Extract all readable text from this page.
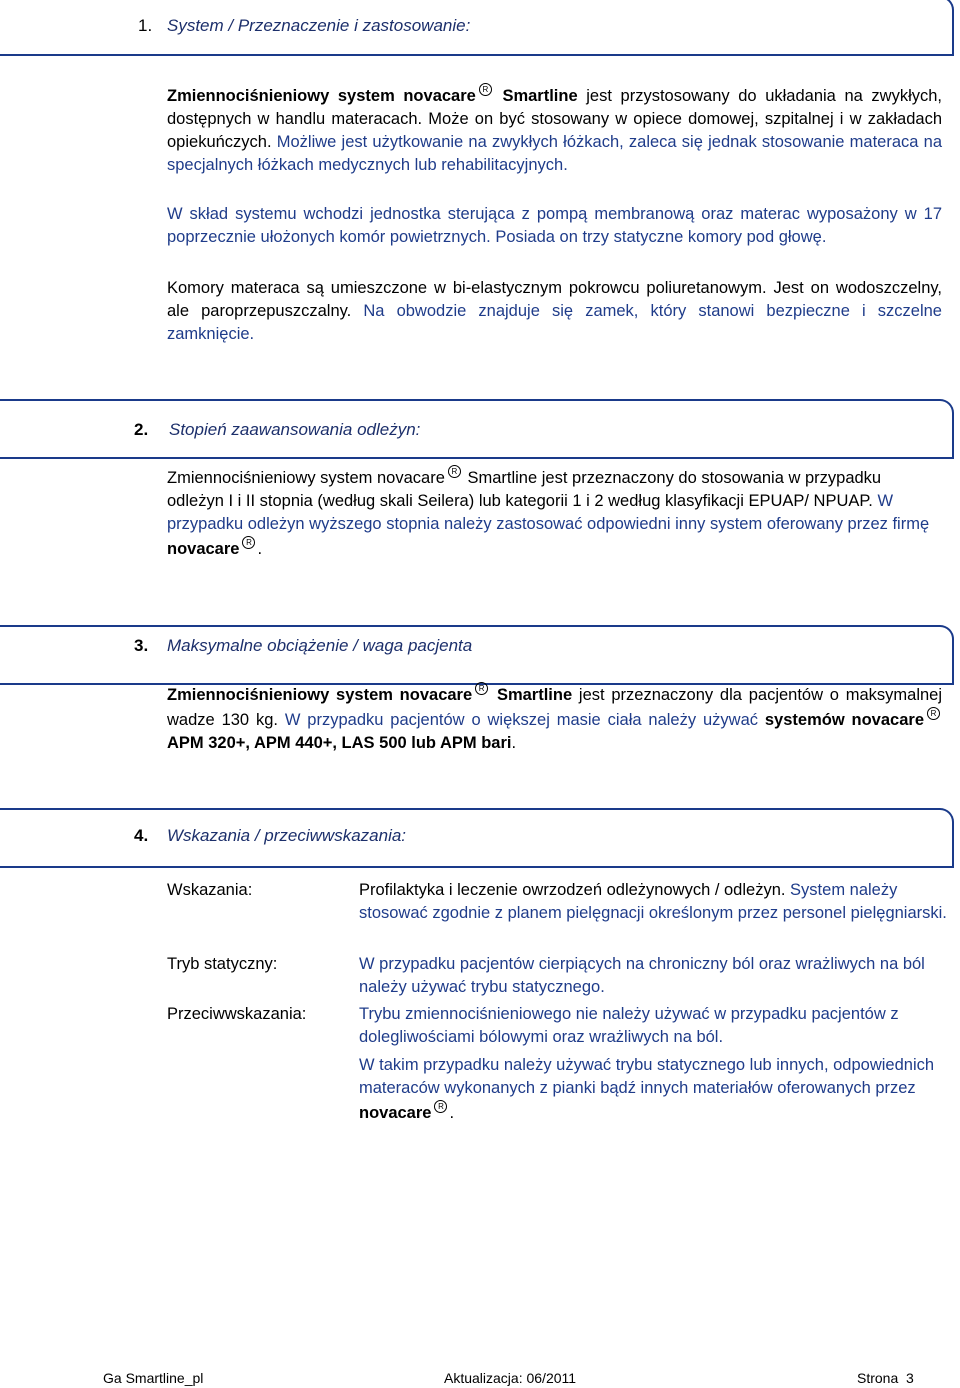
1. System / Przeznaczenie i zastosowanie:
Zmiennociśnieniowy system novacare R Smartline jest przystosowany do układania na zwykłych, dostępnych w handlu materacach. Może on być stosowany w opiece domowej, szpitalnej i w zakładach opiekuńczych. Możliwe jest użytkowanie na zwykłych łóżkach, zaleca się jednak stosowanie materaca na specjalnych łóżkach medycznych lub rehabilitacyjnych.
W skład systemu wchodzi jednostka sterująca z pompą membranową oraz materac wyposażony w 17 poprzecznie ułożonych komór powietrznych. Posiada on trzy statyczne komory pod głowę.
Komory materaca są umieszczone w bi-elastycznym pokrowcu poliuretanowym. Jest on wodoszczelny, ale paroprzepuszczalny. Na obwodzie znajduje się zamek, który stanowi bezpieczne i szczelne zamknięcie.
2. Stopień zaawansowania odleżyn:
Zmiennociśnieniowy system novacare R Smartline jest przeznaczony do stosowania w przypadku odleżyn I i II stopnia (według skali Seilera) lub kategorii 1 i 2 według klasyfikacji EPUAP/ NPUAP. W przypadku odleżyn wyższego stopnia należy zastosować odpowiedni inny system oferowany przez firmę novacare R .
3. Maksymalne obciążenie / waga pacjenta
Zmiennociśnieniowy system novacare R Smartline jest przeznaczony dla pacjentów o maksymalnej wadze 130 kg. W przypadku pacjentów o większej masie ciała należy używać systemów novacare R APM 320+, APM 440+, LAS 500 lub APM bari.
4. Wskazania / przeciwwskazania:
Wskazania:	Profilaktyka i leczenie owrzodzeń odleżynowych / odleżyn. System należy stosować zgodnie z planem pielęgnacji określonym przez personel pielęgniarski.
Tryb statyczny:	W przypadku pacjentów cierpiących na chroniczny ból oraz wrażliwych na ból należy używać trybu statycznego.
Przeciwwskazania:	Trybu zmiennociśnieniowego nie należy używać w przypadku pacjentów z dolegliwościami bólowymi oraz wrażliwych na ból.
W takim przypadku należy używać trybu statycznego lub innych, odpowiednich materaców wykonanych z pianki bądź innych materiałów oferowanych przez novacare R .
Ga Smartline_pl	Aktualizacja: 06/2011	Strona  3
